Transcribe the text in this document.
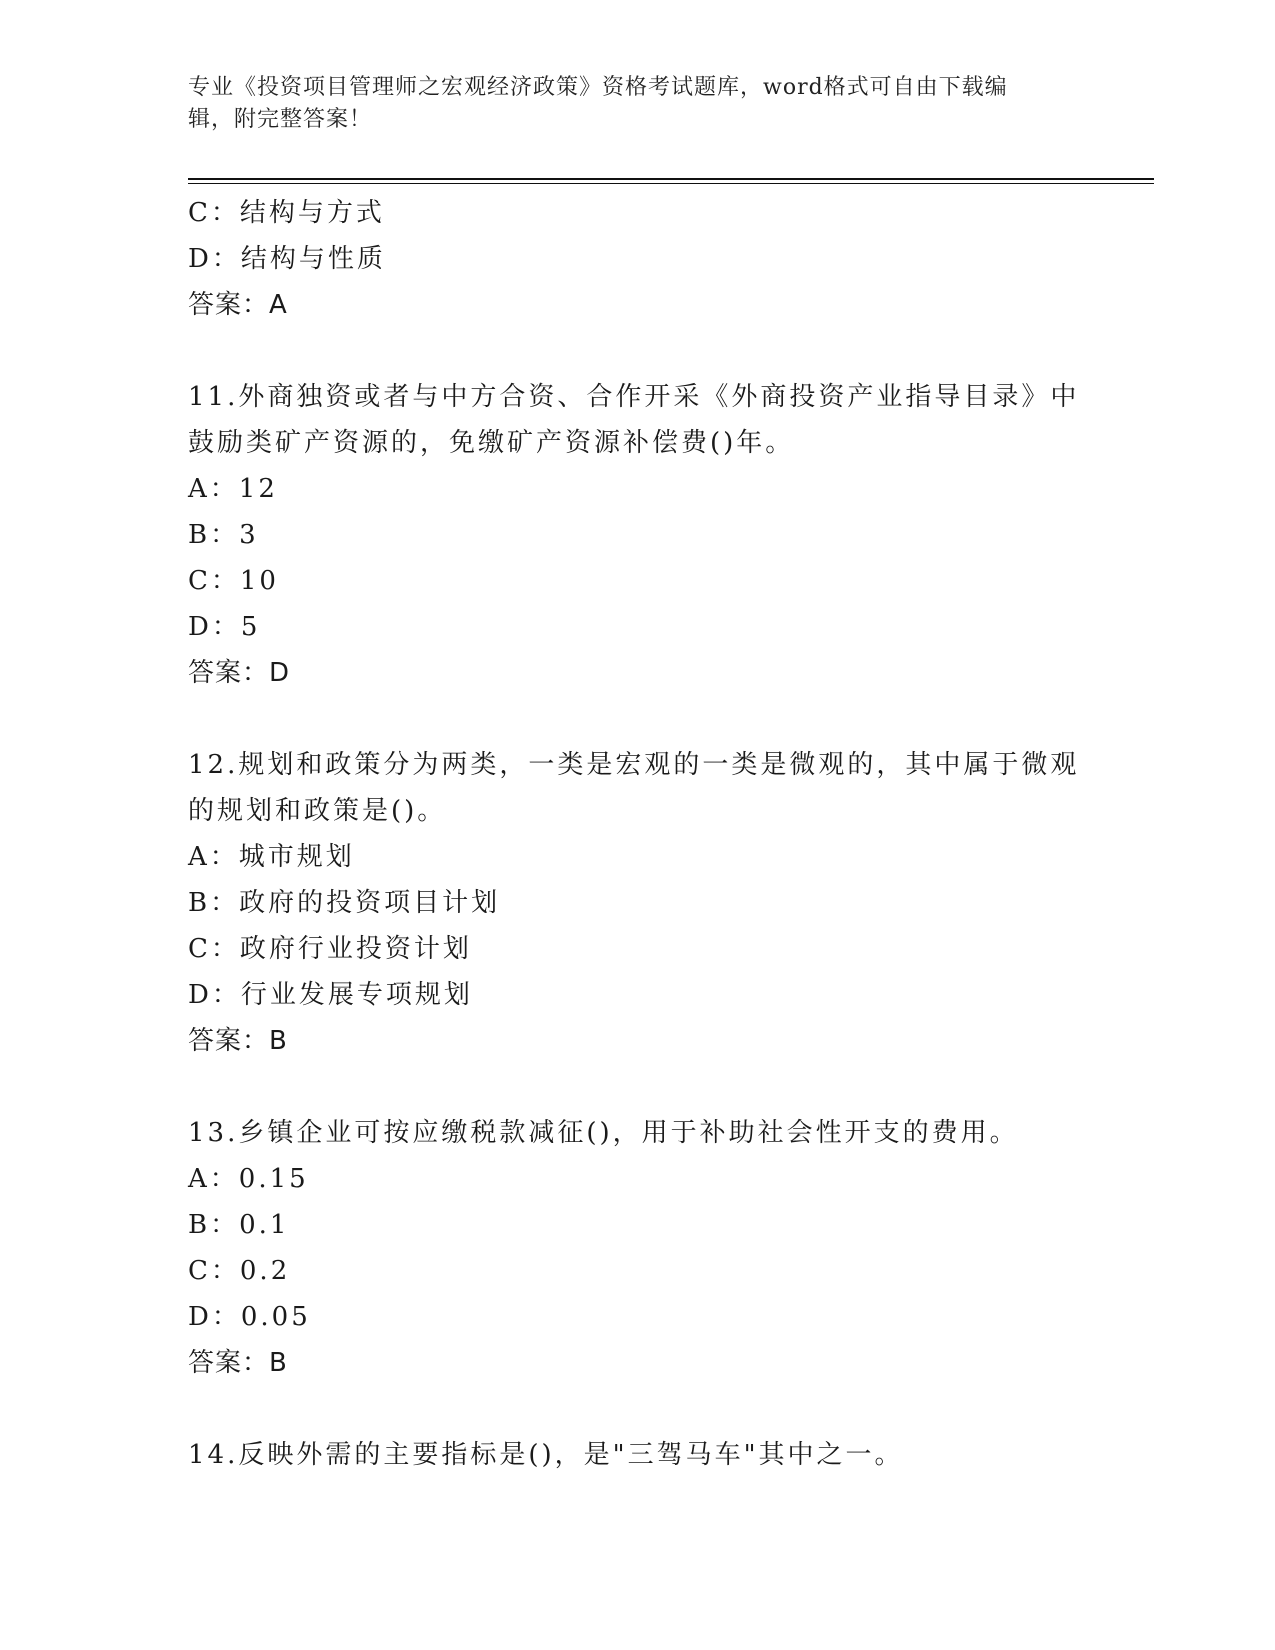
专业《投资项目管理师之宏观经济政策》资格考试题库，word格式可自由下载编
辑，附完整答案！
C：结构与方式
D：结构与性质
答案：A
11.外商独资或者与中方合资、合作开采《外商投资产业指导目录》中
鼓励类矿产资源的，免缴矿产资源补偿费()年。
A：12
B：3
C：10
D：5
答案：D
12.规划和政策分为两类，一类是宏观的一类是微观的，其中属于微观
的规划和政策是()。
A：城市规划
B：政府的投资项目计划
C：政府行业投资计划
D：行业发展专项规划
答案：B
13.乡镇企业可按应缴税款减征()，用于补助社会性开支的费用。
A：0.15
B：0.1
C：0.2
D：0.05
答案：B
14.反映外需的主要指标是()，是"三驾马车"其中之一。
